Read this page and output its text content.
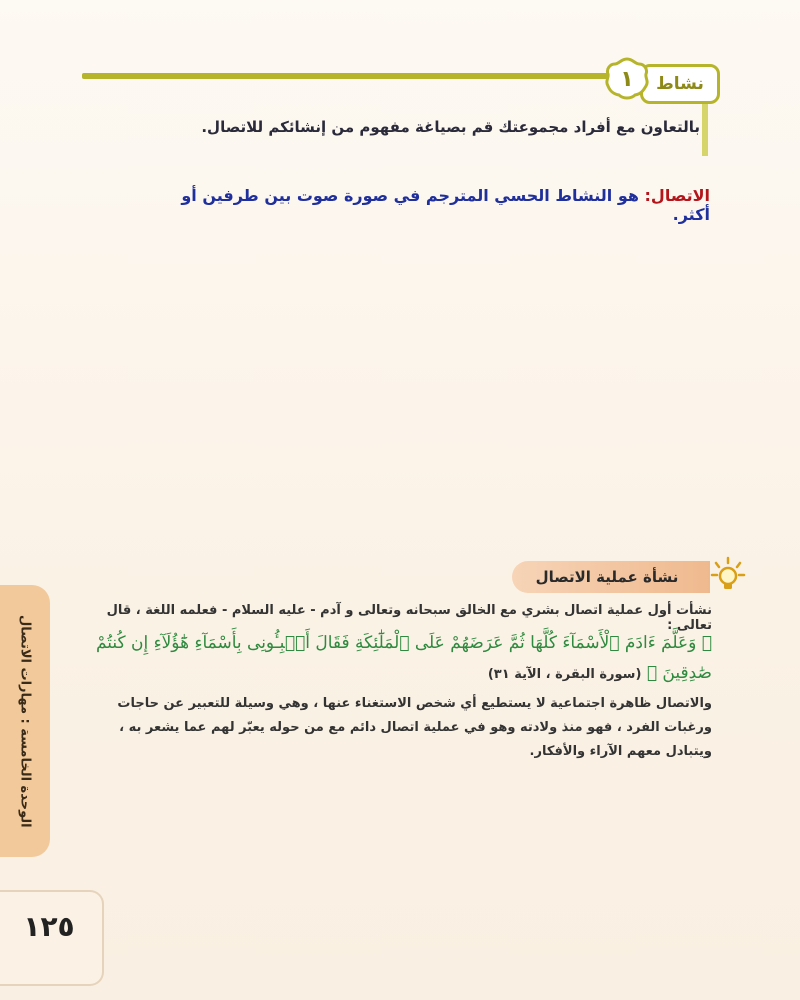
نشاط
١
بالتعاون مع أفراد مجموعتك قم بصياغة مفهوم من إنشائكم للاتصال.
الاتصال: هو النشاط الحسي المترجم في صورة صوت بين طرفين أو أكثر.
نشأة عملية الاتصال
نشأت أول عملية اتصال بشري مع الخالق سبحانه وتعالى و آدم - عليه السلام - فعلمه اللغة ، قال تعالى :
﴿ وَعَلَّمَ ءَادَمَ ٱلْأَسْمَآءَ كُلَّهَا ثُمَّ عَرَضَهُمْ عَلَى ٱلْمَلَٰٓئِكَةِ فَقَالَ أَنۢبِـُٔونِى بِأَسْمَآءِ هَٰٓؤُلَآءِ إِن كُنتُمْ صَٰدِقِينَ ﴾ (سورة البقرة ، الآية ٣١)
والاتصال ظاهرة اجتماعية لا يستطيع أي شخص الاستغناء عنها ، وهي وسيلة للتعبير عن حاجات ورغبات الفرد ، فهو منذ ولادته وهو في عملية اتصال دائم مع من حوله يعبّر لهم عما يشعر به ، ويتبادل معهم الآراء والأفكار.
الوحدة الخامسة : مهارات الاتصال
١٢٥
